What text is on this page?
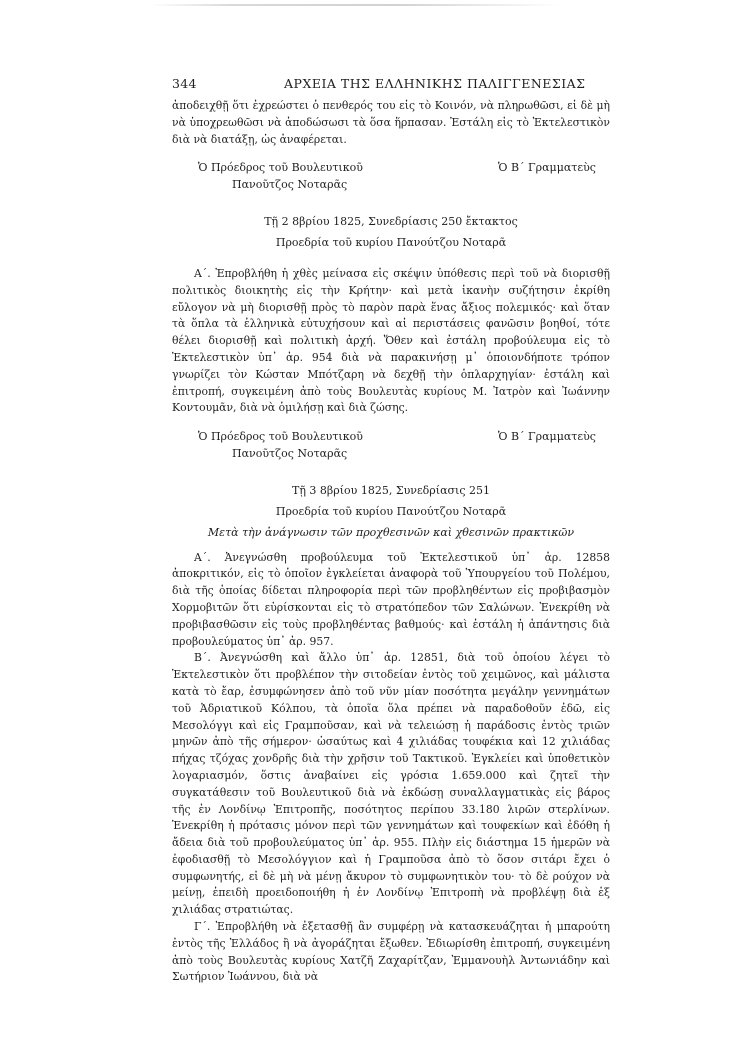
344	ΑΡΧΕΙΑ ΤΗΣ ΕΛΛΗΝΙΚΗΣ ΠΑΛΙΓΓΕΝΕΣΙΑΣ

ἀποδειχθῇ ὅτι ἐχρεώστει ὁ πενθερός του εἰς τὸ Κοινόν, νὰ πληρωθῶσι, εἰ δὲ μὴ νὰ ὑποχρεωθῶσι νὰ ἀποδώσωσι τὰ ὅσα ἥρπασαν. Ἐστάλη εἰς τὸ Ἐκτελεστικὸν διὰ νὰ διατάξῃ, ὡς ἀναφέρεται.

Ὁ Πρόεδρος τοῦ Βουλευτικοῦ
Πανοῦτζος Νοταρᾶς
Ὁ Β΄ Γραμματεὺς
Τῇ 2 8βρίου 1825, Συνεδρίασις 250 ἔκτακτος
Προεδρία τοῦ κυρίου Πανούτζου Νοταρᾶ

Α΄. Ἐπροβλήθη ἡ χθὲς μείνασα εἰς σκέψιν ὑπόθεσις περὶ τοῦ νὰ διορισθῇ πολιτικὸς διοικητὴς εἰς τὴν Κρήτην· καὶ μετὰ ἱκανὴν συζήτησιν ἐκρίθη εὔλογον νὰ μὴ διορισθῇ πρὸς τὸ παρὸν παρὰ ἕνας ἄξιος πολεμικός· καὶ ὅταν τὰ ὅπλα τὰ ἑλληνικὰ εὐτυχήσουν καὶ αἱ περιστάσεις φανῶσιν βοηθοί, τότε θέλει διορισθῇ καὶ πολιτικὴ ἀρχή. Ὅθεν καὶ ἐστάλη προβούλευμα εἰς τὸ Ἐκτελεστικὸν ὑπ᾿ ἀρ. 954 διὰ νὰ παρακινήσῃ μ᾿ ὁποιονδήποτε τρόπον γνωρίζει τὸν Κώσταν Μπότζαρη νὰ δεχθῇ τὴν ὁπλαρχηγίαν· ἐστάλη καὶ ἐπιτροπή, συγκειμένη ἀπὸ τοὺς Βουλευτὰς κυρίους Μ. Ἰατρὸν καὶ Ἰωάννην Κοντουμᾶν, διὰ νὰ ὁμιλήσῃ καὶ διὰ ζώσης.

Ὁ Πρόεδρος τοῦ Βουλευτικοῦ
Πανοῦτζος Νοταρᾶς
Ὁ Β΄ Γραμματεὺς
Τῇ 3 8βρίου 1825, Συνεδρίασις 251
Προεδρία τοῦ κυρίου Πανούτζου Νοταρᾶ
Μετὰ τὴν ἀνάγνωσιν τῶν προχθεσινῶν καὶ χθεσινῶν πρακτικῶν

Α΄. Ἀνεγνώσθη προβούλευμα τοῦ Ἐκτελεστικοῦ ὑπ᾿ ἀρ. 12858 ἀποκριτικόν, εἰς τὸ ὁποῖον ἐγκλείεται ἀναφορὰ τοῦ Ὑπουργείου τοῦ Πολέμου, διὰ τῆς ὁποίας δίδεται πληροφορία περὶ τῶν προβληθέντων εἰς προβιβασμὸν Χορμοβιτῶν ὅτι εὑρίσκονται εἰς τὸ στρατόπεδον τῶν Σαλώνων. Ἐνεκρίθη νὰ προβιβασθῶσιν εἰς τοὺς προβληθέντας βαθμούς· καὶ ἐστάλη ἡ ἀπάντησις διὰ προβουλεύματος ὑπ᾿ ἀρ. 957.

Β΄. Ἀνεγνώσθη καὶ ἄλλο ὑπ᾿ ἀρ. 12851, διὰ τοῦ ὁποίου λέγει τὸ Ἐκτελεστικὸν ὅτι προβλέπον τὴν σιτοδείαν ἐντὸς τοῦ χειμῶνος, καὶ μάλιστα κατὰ τὸ ἔαρ, ἐσυμφώνησεν ἀπὸ τοῦ νῦν μίαν ποσότητα μεγάλην γεννημάτων τοῦ Ἀδριατικοῦ Κόλπου, τὰ ὁποῖα ὅλα πρέπει νὰ παραδοθοῦν ἐδῶ, εἰς Μεσολόγγι καὶ εἰς Γραμποῦσαν, καὶ νὰ τελειώσῃ ἡ παράδοσις ἐντὸς τριῶν μηνῶν ἀπὸ τῆς σήμερον· ὡσαύτως καὶ 4 χιλιάδας τουφέκια καὶ 12 χιλιάδας πήχας τζόχας χονδρῆς διὰ τὴν χρῆσιν τοῦ Τακτικοῦ. Ἐγκλείει καὶ ὑποθετικὸν λογαριασμόν, ὅστις ἀναβαίνει εἰς γρόσια 1.659.000 καὶ ζητεῖ τὴν συγκατάθεσιν τοῦ Βουλευτικοῦ διὰ νὰ ἐκδώσῃ συναλλαγματικὰς εἰς βάρος τῆς ἐν Λονδίνῳ Ἐπιτροπῆς, ποσότητος περίπου 33.180 λιρῶν στερλίνων. Ἐνεκρίθη ἡ πρότασις μόνον περὶ τῶν γεννημάτων καὶ τουφεκίων καὶ ἐδόθη ἡ ἄδεια διὰ τοῦ προβουλεύματος ὑπ᾿ ἀρ. 955. Πλὴν εἰς διάστημα 15 ἡμερῶν νὰ ἐφοδιασθῇ τὸ Μεσολόγγιον καὶ ἡ Γραμποῦσα ἀπὸ τὸ ὅσον σιτάρι ἔχει ὁ συμφωνητής, εἰ δὲ μὴ νὰ μένῃ ἄκυρον τὸ συμφωνητικὸν του· τὸ δὲ ρούχον νὰ μείνῃ, ἐπειδὴ προειδοποιήθη ἡ ἐν Λονδίνῳ Ἐπιτροπὴ νὰ προβλέψῃ διὰ ἑξ χιλιάδας στρατιώτας.

Γ΄. Ἐπροβλήθη νὰ ἐξετασθῇ ἂν συμφέρῃ νὰ κατασκευάζηται ἡ μπαρούτη ἐντὸς τῆς Ἑλλάδος ἢ νὰ ἀγοράζηται ἔξωθεν. Ἐδιωρίσθη ἐπιτροπή, συγκειμένη ἀπὸ τοὺς Βουλευτὰς κυρίους Χατζῆ Ζαχαρίτζαν, Ἐμμανουὴλ Ἀντωνιάδην καὶ Σωτήριον Ἰωάννου, διὰ νὰ
